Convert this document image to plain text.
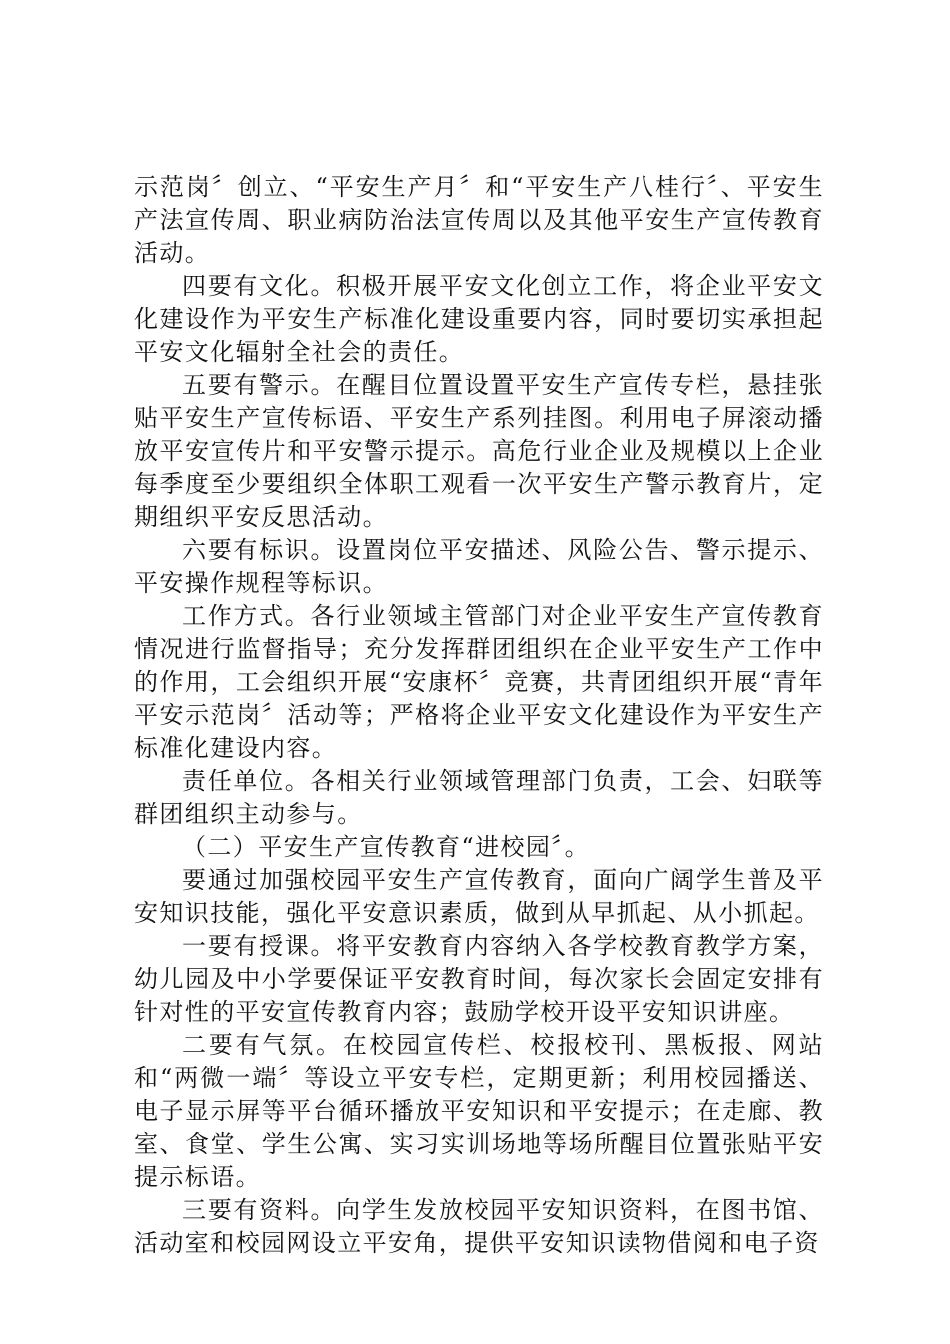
示范岗〞创立、“平安生产月〞和“平安生产八桂行〞、平安生产法宣传周、职业病防治法宣传周以及其他平安生产宣传教育活动。

四要有文化。积极开展平安文化创立工作，将企业平安文化建设作为平安生产标准化建设重要内容，同时要切实承担起平安文化辐射全社会的责任。

五要有警示。在醒目位置设置平安生产宣传专栏，悬挂张贴平安生产宣传标语、平安生产系列挂图。利用电子屏滚动播放平安宣传片和平安警示提示。高危行业企业及规模以上企业每季度至少要组织全体职工观看一次平安生产警示教育片，定期组织平安反思活动。

六要有标识。设置岗位平安描述、风险公告、警示提示、平安操作规程等标识。

工作方式。各行业领域主管部门对企业平安生产宣传教育情况进行监督指导；充分发挥群团组织在企业平安生产工作中的作用，工会组织开展“安康杯〞竞赛，共青团组织开展“青年平安示范岗〞活动等；严格将企业平安文化建设作为平安生产标准化建设内容。

责任单位。各相关行业领域管理部门负责，工会、妇联等群团组织主动参与。

（二）平安生产宣传教育“进校园〞。

要通过加强校园平安生产宣传教育，面向广阔学生普及平安知识技能，强化平安意识素质，做到从早抓起、从小抓起。

一要有授课。将平安教育内容纳入各学校教育教学方案，幼儿园及中小学要保证平安教育时间，每次家长会固定安排有针对性的平安宣传教育内容；鼓励学校开设平安知识讲座。

二要有气氛。在校园宣传栏、校报校刊、黑板报、网站和“两微一端〞等设立平安专栏，定期更新；利用校园播送、电子显示屏等平台循环播放平安知识和平安提示；在走廊、教室、食堂、学生公寓、实习实训场地等场所醒目位置张贴平安提示标语。

三要有资料。向学生发放校园平安知识资料，在图书馆、活动室和校园网设立平安角，提供平安知识读物借阅和电子资
